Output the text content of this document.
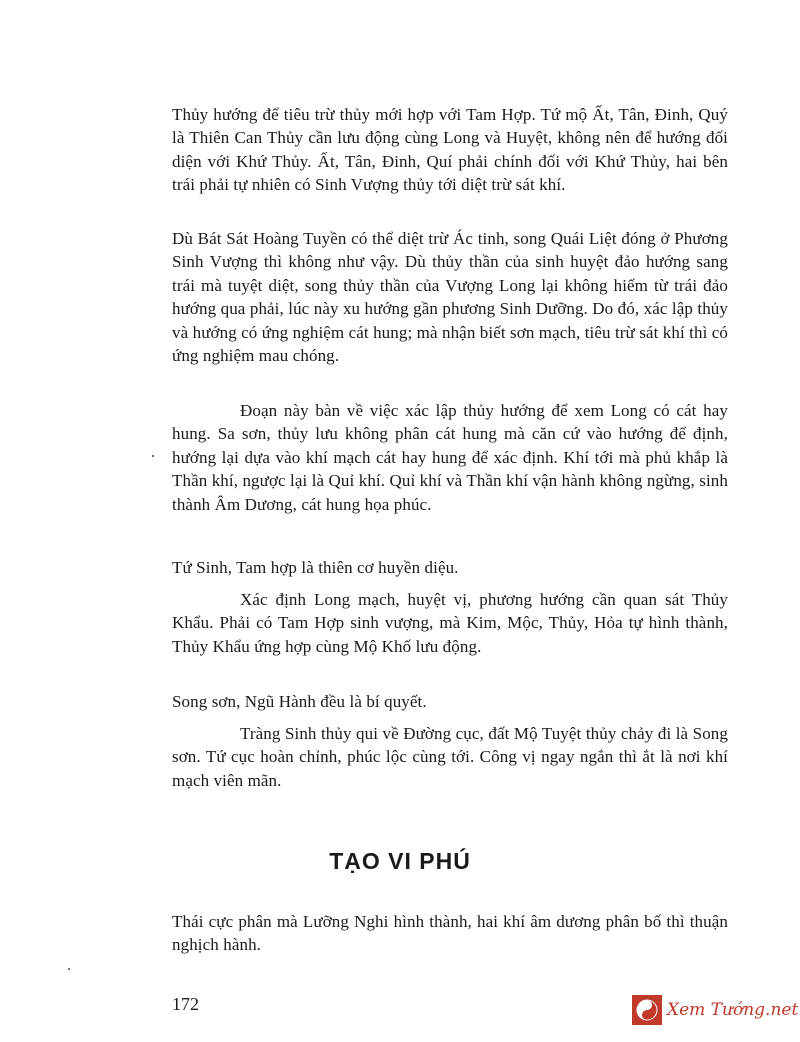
Thủy hướng để tiêu trừ thủy mới hợp với Tam Hợp. Tứ mộ Ất, Tân, Đinh, Quý là Thiên Can Thủy cần lưu động cùng Long và Huyệt, không nên để hướng đối diện với Khứ Thủy. Ất, Tân, Đinh, Quí phải chính đối với Khứ Thủy, hai bên trái phải tự nhiên có Sinh Vượng thủy tới diệt trừ sát khí.

Dù Bát Sát Hoàng Tuyền có thể diệt trừ Ác tinh, song Quái Liệt đóng ở Phương Sinh Vượng thì không như vậy. Dù thủy thần của sinh huyệt đảo hướng sang trái mà tuyệt diệt, song thủy thần của Vượng Long lại không hiếm từ trái đảo hướng qua phải, lúc này xu hướng gần phương Sinh Dưỡng. Do đó, xác lập thủy và hướng có ứng nghiệm cát hung; mà nhận biết sơn mạch, tiêu trừ sát khí thì có ứng nghiệm mau chóng.

Đoạn này bàn về việc xác lập thủy hướng để xem Long có cát hay hung. Sa sơn, thủy lưu không phân cát hung mà căn cứ vào hướng để định, hướng lại dựa vào khí mạch cát hay hung để xác định. Khí tới mà phủ khắp là Thần khí, ngược lại là Quỉ khí. Quỉ khí và Thần khí vận hành không ngừng, sinh thành Âm Dương, cát hung họa phúc.

Tứ Sinh, Tam hợp là thiên cơ huyền diệu.

Xác định Long mạch, huyệt vị, phương hướng cần quan sát Thủy Khẩu. Phải có Tam Hợp sinh vượng, mà Kim, Mộc, Thủy, Hỏa tự hình thành, Thủy Khẩu ứng hợp cùng Mộ Khố lưu động.

Song sơn, Ngũ Hành đều là bí quyết.

Tràng Sinh thủy qui về Đường cục, đất Mộ Tuyệt thủy chảy đi là Song sơn. Tứ cục hoàn chỉnh, phúc lộc cùng tới. Công vị ngay ngắn thì ắt là nơi khí mạch viên mãn.

TẠO VI PHÚ

Thái cực phân mà Lưỡng Nghi hình thành, hai khí âm dương phân bố thì thuận nghịch hành.

172	Xem Tướng.net
